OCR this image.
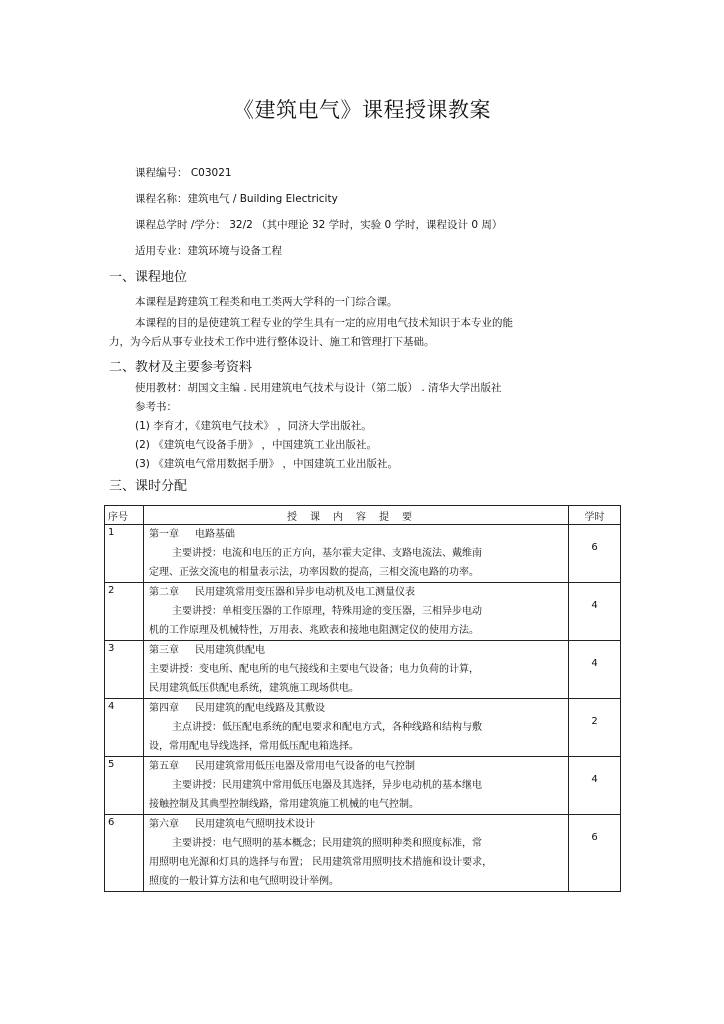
《建筑电气》课程授课教案
课程编号： C03021
课程名称：建筑电气 / Building Electricity
课程总学时 /学分： 32/2 （其中理论 32 学时，实验 0 学时，课程设计 0 周）
适用专业：建筑环境与设备工程
一、课程地位
本课程是跨建筑工程类和电工类两大学科的一门综合课。
本课程的目的是使建筑工程专业的学生具有一定的应用电气技术知识于本专业的能
力，为今后从事专业技术工作中进行整体设计、施工和管理打下基础。
二、教材及主要参考资料
使用教材：胡国文主编 . 民用建筑电气技术与设计（第二版） . 清华大学出版社
参考书：
(1) 李育才，《建筑电气技术》 ，同济大学出版社。
(2) 《建筑电气设备手册》 ，中国建筑工业出版社。
(3) 《建筑电气常用数据手册》 ，中国建筑工业出版社。
三、课时分配
序号	授课内容提要	学时
1	第一章 电路基础
主要讲授：电流和电压的正方向，基尔霍夫定律、支路电流法、戴维南
定理、正弦交流电的相量表示法，功率因数的提高，三相交流电路的功率。	6

2	第二章 民用建筑常用变压器和异步电动机及电工测量仪表
主要讲授：单相变压器的工作原理，特殊用途的变压器，三相异步电动
机的工作原理及机械特性，万用表、兆欧表和接地电阻测定仪的使用方法。	4

3	第三章 民用建筑供配电
主要讲授：变电所、配电所的电气接线和主要电气设备；电力负荷的计算，
民用建筑低压供配电系统，建筑施工现场供电。	4

4	第四章 民用建筑的配电线路及其敷设
主点讲授：低压配电系统的配电要求和配电方式，各种线路和结构与敷
设，常用配电导线选择，常用低压配电箱选择。	2

5	第五章 民用建筑常用低压电器及常用电气设备的电气控制
主要讲授：民用建筑中常用低压电器及其选择，异步电动机的基本继电
接触控制及其典型控制线路，常用建筑施工机械的电气控制。	4

6	第六章 民用建筑电气照明技术设计
主要讲授：电气照明的基本概念；民用建筑的照明种类和照度标准，常
用照明电光源和灯具的选择与布置； 民用建筑常用照明技术措施和设计要求，
照度的一般计算方法和电气照明设计举例。	6
